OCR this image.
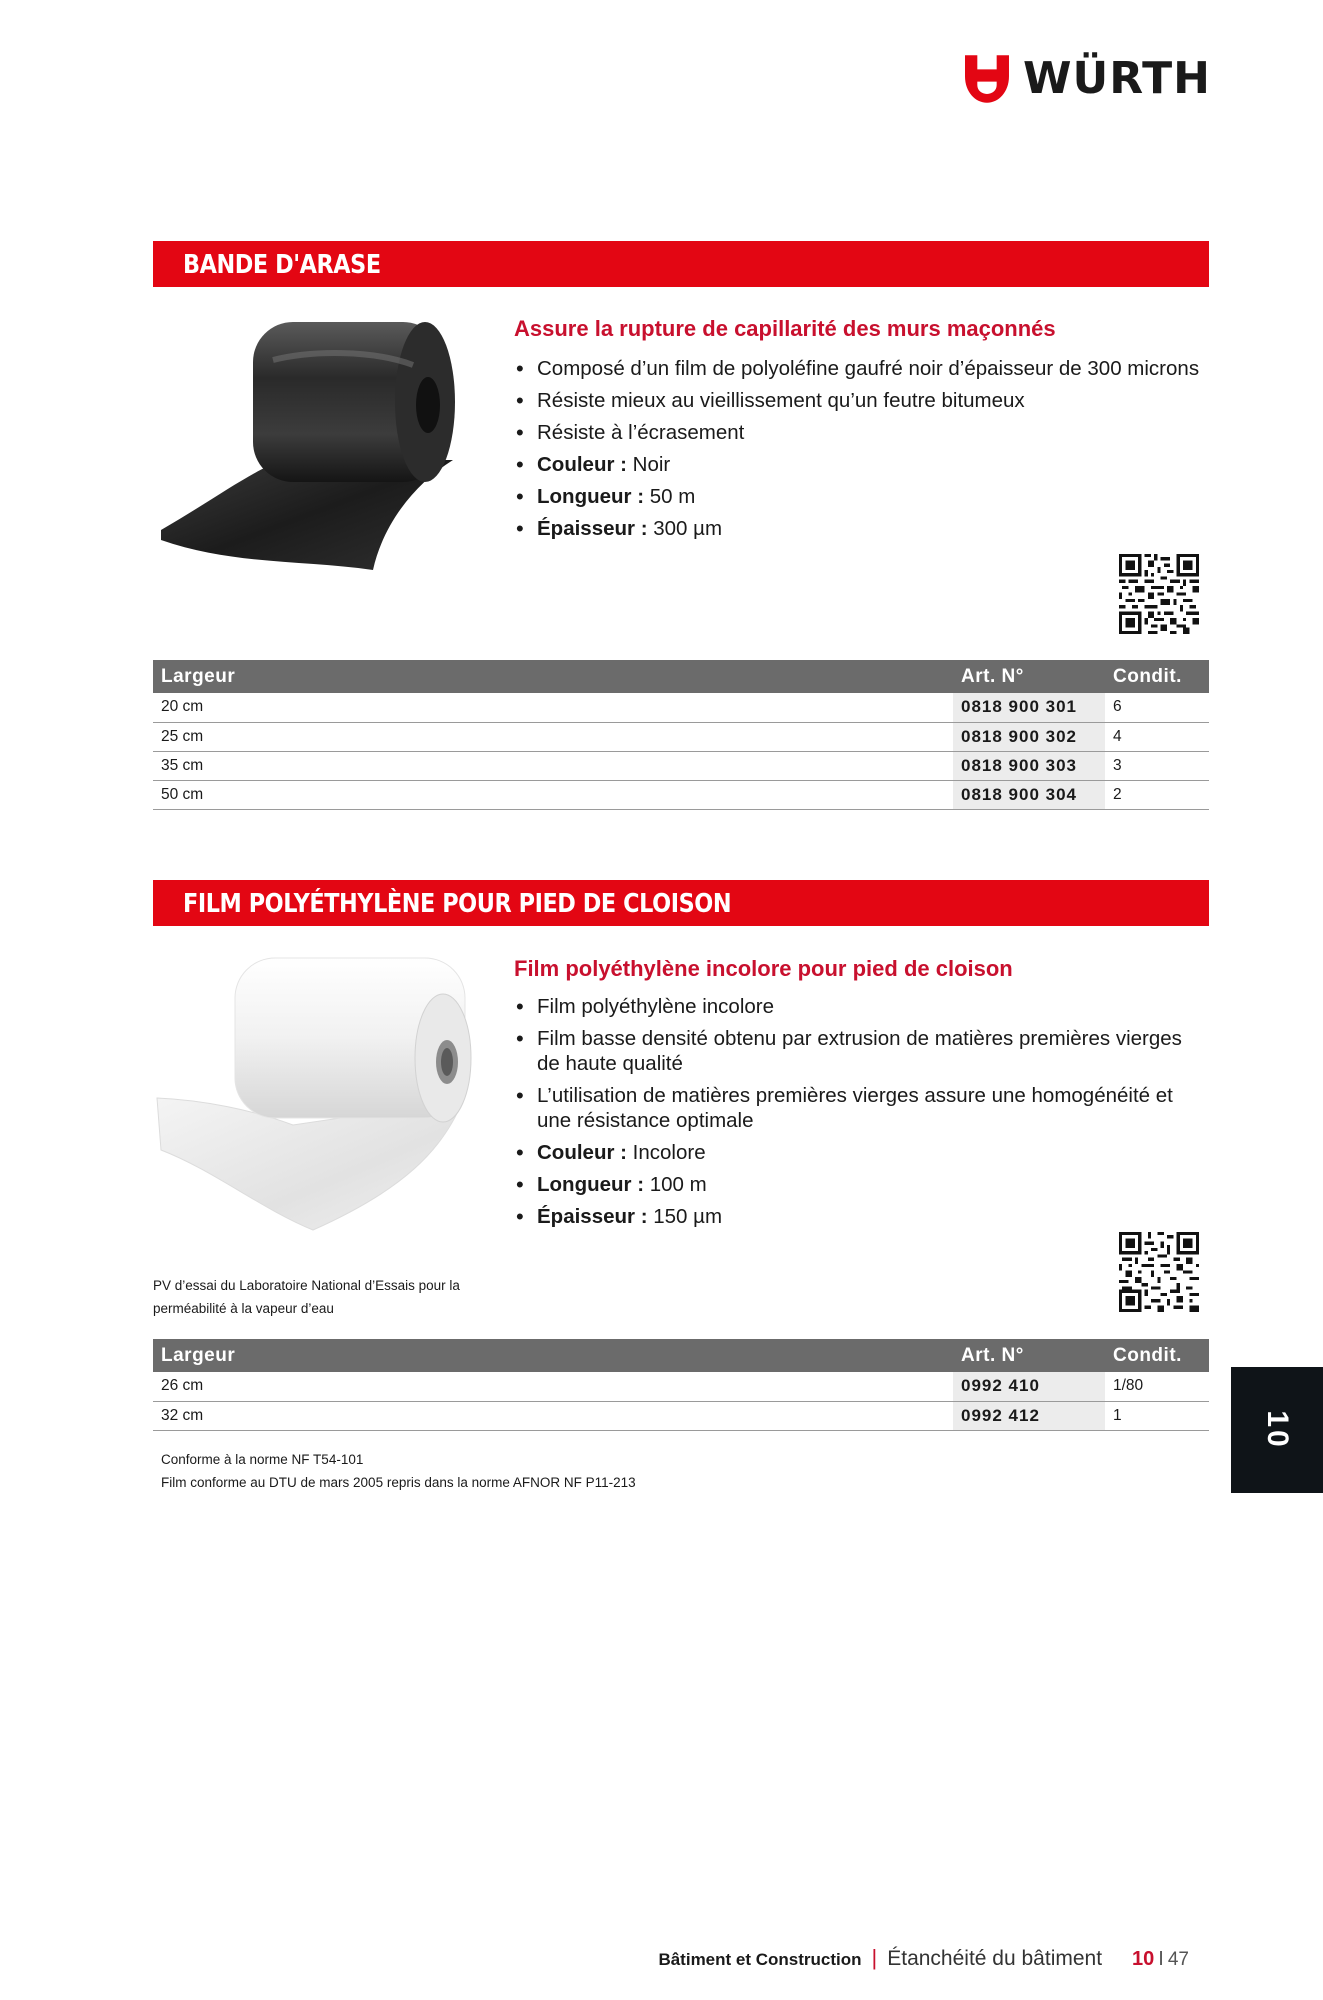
WÜRTH
BANDE D'ARASE
Assure la rupture de capillarité des murs maçonnés
• Composé d’un film de polyoléfine gaufré noir d’épaisseur de 300 microns
• Résiste mieux au vieillissement qu’un feutre bitumeux
• Résiste à l’écrasement
• Couleur : Noir
• Longueur : 50 m
• Épaisseur : 300 µm
Largeur	Art. N°	Condit.
20 cm	0818 900 301	6
25 cm	0818 900 302	4
35 cm	0818 900 303	3
50 cm	0818 900 304	2
FILM POLYÉTHYLÈNE POUR PIED DE CLOISON
Film polyéthylène incolore pour pied de cloison
• Film polyéthylène incolore
• Film basse densité obtenu par extrusion de matières premières vierges de haute qualité
• L’utilisation de matières premières vierges assure une homogénéité et une résistance optimale
• Couleur : Incolore
• Longueur : 100 m
• Épaisseur : 150 µm
PV d’essai du Laboratoire National d’Essais pour la
perméabilité à la vapeur d’eau
Largeur	Art. N°	Condit.
26 cm	0992 410	1/80
32 cm	0992 412	1
Conforme à la norme NF T54-101
Film conforme au DTU de mars 2005 repris dans la norme AFNOR NF P11-213
10
Bâtiment et Construction | Étanchéité du bâtiment 10 I 47
